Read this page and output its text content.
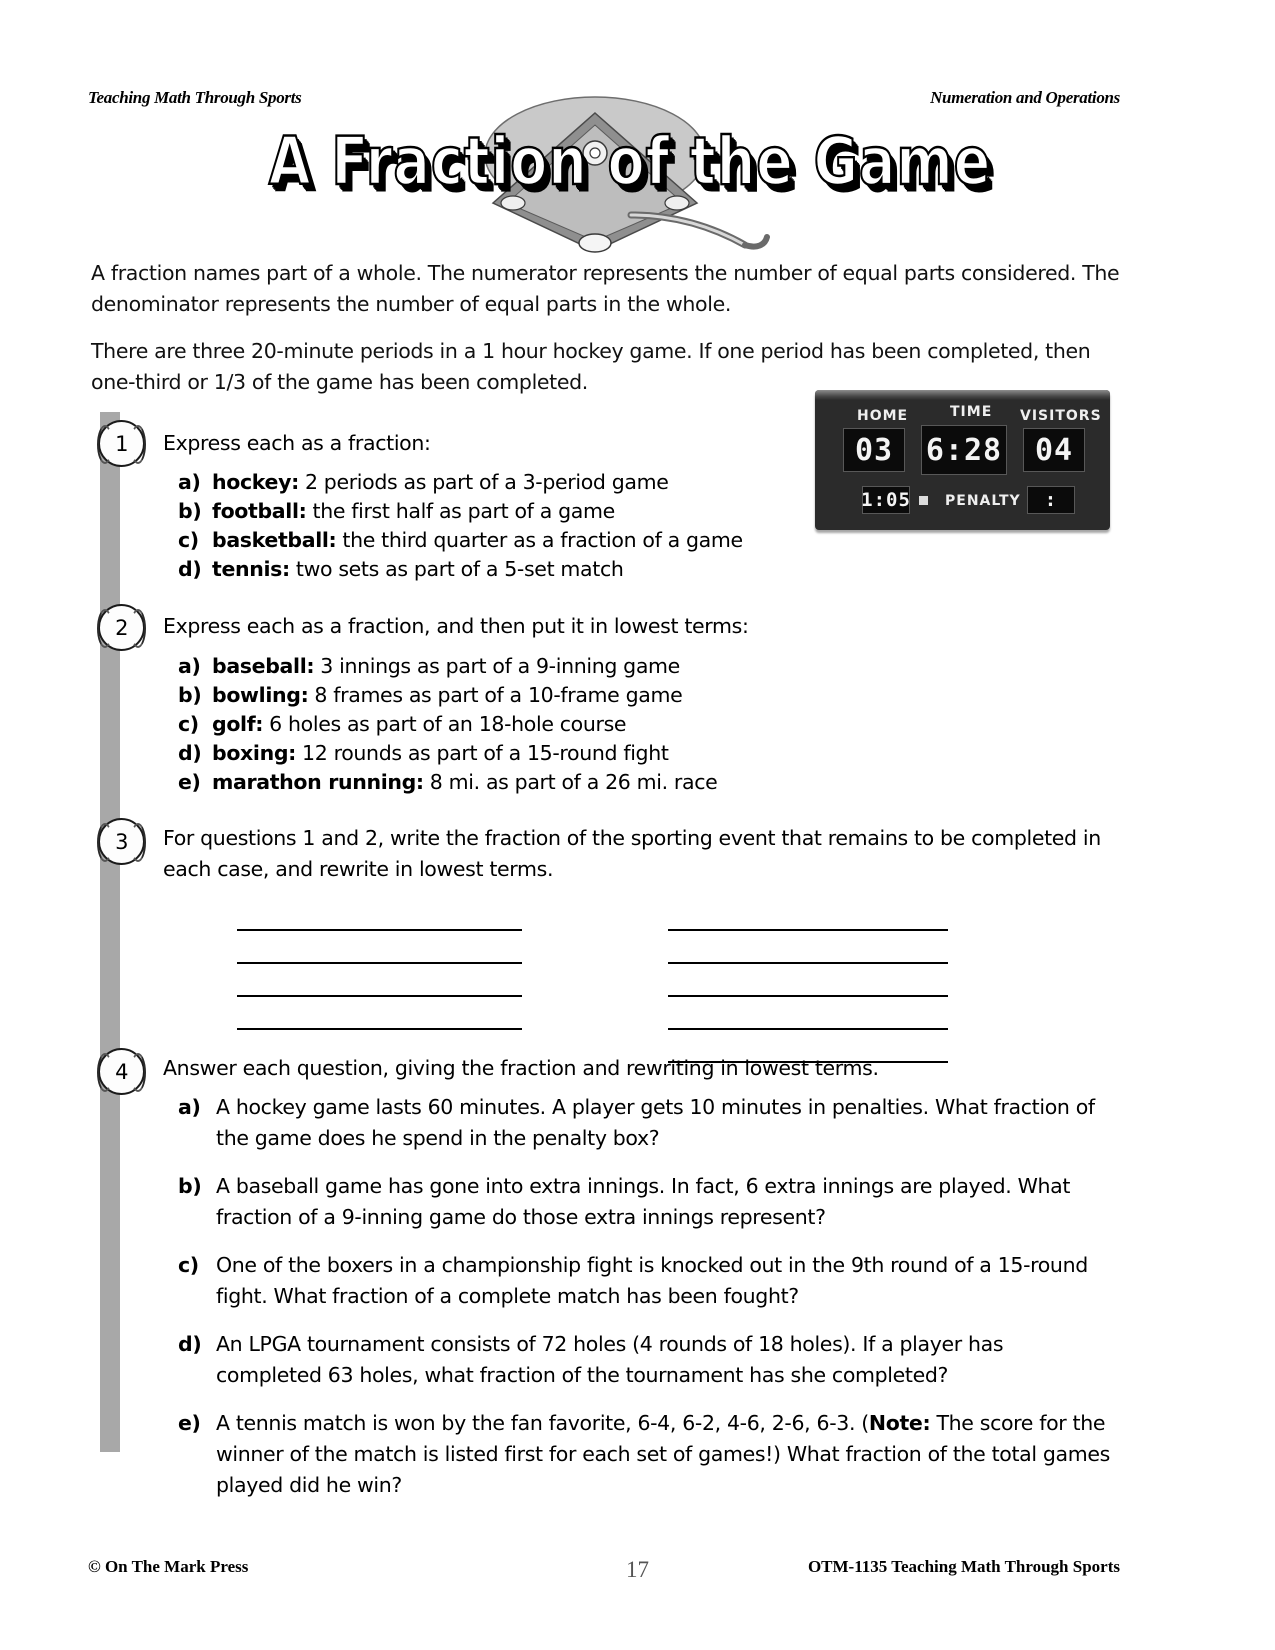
Teaching Math Through Sports	Numeration and Operations
A Fraction of the Game
A fraction names part of a whole. The numerator represents the number of equal parts considered. The denominator represents the number of equal parts in the whole.
There are three 20-minute periods in a 1 hour hockey game. If one period has been completed, then one-third or 1/3 of the game has been completed.
HOME	TIME VISITORS
03	6:28	04
1:05 PENALTY	:
1	Express each as a fraction:
a) hockey: 2 periods as part of a 3-period game
b) football: the first half as part of a game
c) basketball: the third quarter as a fraction of a game
d) tennis: two sets as part of a 5-set match
2	Express each as a fraction, and then put it in lowest terms:
a) baseball: 3 innings as part of a 9-inning game
b) bowling: 8 frames as part of a 10-frame game
c) golf: 6 holes as part of an 18-hole course
d) boxing: 12 rounds as part of a 15-round fight
e) marathon running: 8 mi. as part of a 26 mi. race
3	For questions 1 and 2, write the fraction of the sporting event that remains to be completed in each case, and rewrite in lowest terms.
4	Answer each question, giving the fraction and rewriting in lowest terms.
a) A hockey game lasts 60 minutes. A player gets 10 minutes in penalties. What fraction of the game does he spend in the penalty box?
b) A baseball game has gone into extra innings. In fact, 6 extra innings are played. What fraction of a 9-inning game do those extra innings represent?
c) One of the boxers in a championship fight is knocked out in the 9th round of a 15-round fight. What fraction of a complete match has been fought?
d) An LPGA tournament consists of 72 holes (4 rounds of 18 holes). If a player has completed 63 holes, what fraction of the tournament has she completed?
e) A tennis match is won by the fan favorite, 6-4, 6-2, 4-6, 2-6, 6-3. (Note: The score for the winner of the match is listed first for each set of games!) What fraction of the total games played did he win?
© On The Mark Press	17	OTM-1135 Teaching Math Through Sports
